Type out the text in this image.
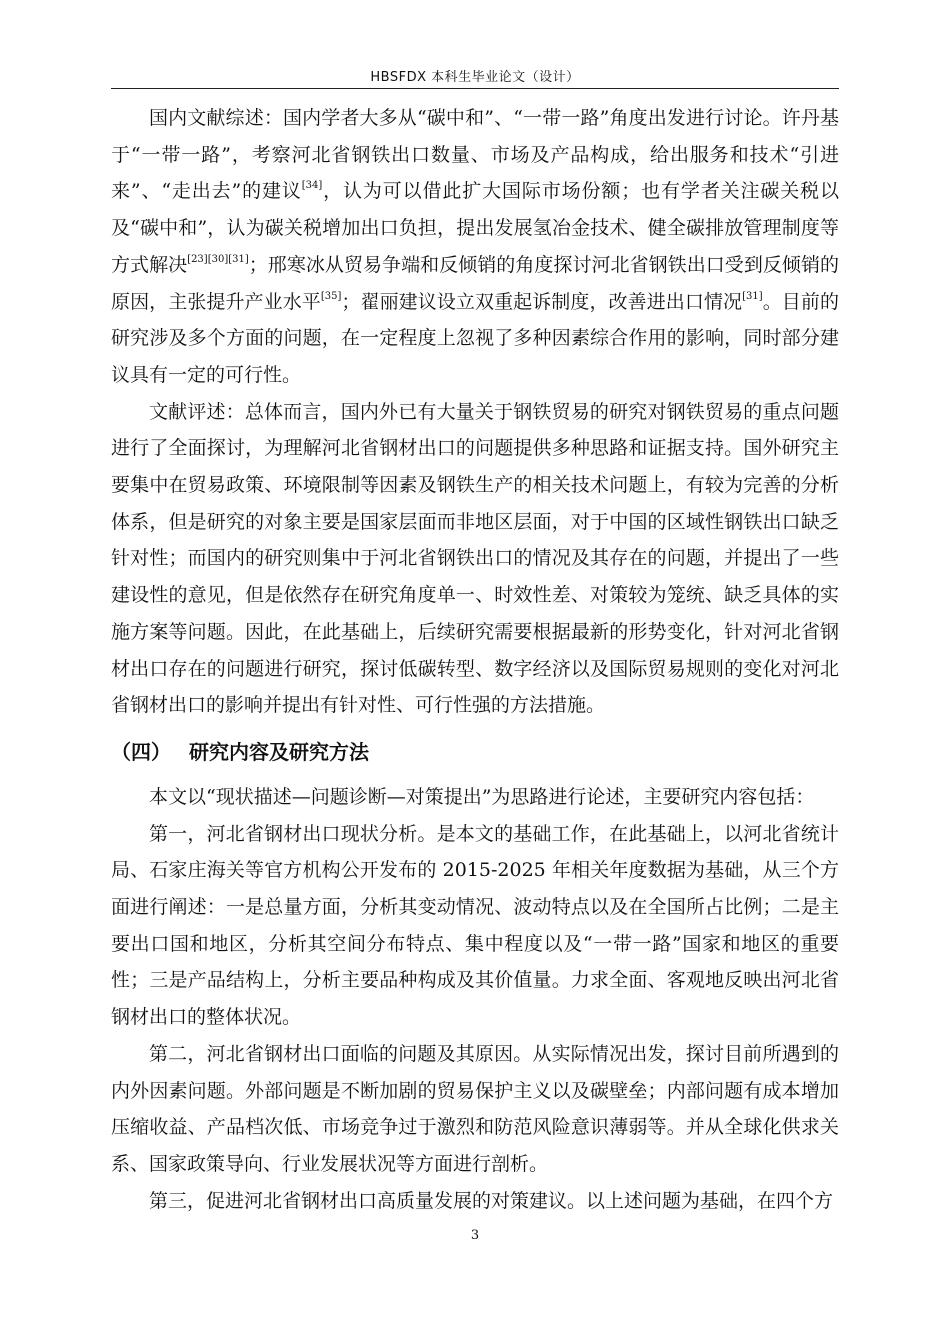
HBSFDX 本科生毕业论文（设计）

国内文献综述：国内学者大多从“碳中和”、“一带一路”角度出发进行讨论。许丹基于“一带一路”，考察河北省钢铁出口数量、市场及产品构成，给出服务和技术“引进来”、“走出去”的建议[34]，认为可以借此扩大国际市场份额；也有学者关注碳关税以及“碳中和”，认为碳关税增加出口负担，提出发展氢冶金技术、健全碳排放管理制度等方式解决[23][30][31]；邢寒冰从贸易争端和反倾销的角度探讨河北省钢铁出口受到反倾销的原因，主张提升产业水平[35]；翟丽建议设立双重起诉制度，改善进出口情况[31]。目前的研究涉及多个方面的问题，在一定程度上忽视了多种因素综合作用的影响，同时部分建议具有一定的可行性。

文献评述：总体而言，国内外已有大量关于钢铁贸易的研究对钢铁贸易的重点问题进行了全面探讨，为理解河北省钢材出口的问题提供多种思路和证据支持。国外研究主要集中在贸易政策、环境限制等因素及钢铁生产的相关技术问题上，有较为完善的分析体系，但是研究的对象主要是国家层面而非地区层面，对于中国的区域性钢铁出口缺乏针对性；而国内的研究则集中于河北省钢铁出口的情况及其存在的问题，并提出了一些建设性的意见，但是依然存在研究角度单一、时效性差、对策较为笼统、缺乏具体的实施方案等问题。因此，在此基础上，后续研究需要根据最新的形势变化，针对河北省钢材出口存在的问题进行研究，探讨低碳转型、数字经济以及国际贸易规则的变化对河北省钢材出口的影响并提出有针对性、可行性强的方法措施。

（四） 研究内容及研究方法

本文以“现状描述—问题诊断—对策提出”为思路进行论述，主要研究内容包括：

第一，河北省钢材出口现状分析。是本文的基础工作，在此基础上，以河北省统计局、石家庄海关等官方机构公开发布的 2015-2025 年相关年度数据为基础，从三个方面进行阐述：一是总量方面，分析其变动情况、波动特点以及在全国所占比例；二是主要出口国和地区，分析其空间分布特点、集中程度以及“一带一路”国家和地区的重要性；三是产品结构上，分析主要品种构成及其价值量。力求全面、客观地反映出河北省钢材出口的整体状况。

第二，河北省钢材出口面临的问题及其原因。从实际情况出发，探讨目前所遇到的内外因素问题。外部问题是不断加剧的贸易保护主义以及碳壁垒；内部问题有成本增加压缩收益、产品档次低、市场竞争过于激烈和防范风险意识薄弱等。并从全球化供求关系、国家政策导向、行业发展状况等方面进行剖析。

第三，促进河北省钢材出口高质量发展的对策建议。以上述问题为基础，在四个方

3
